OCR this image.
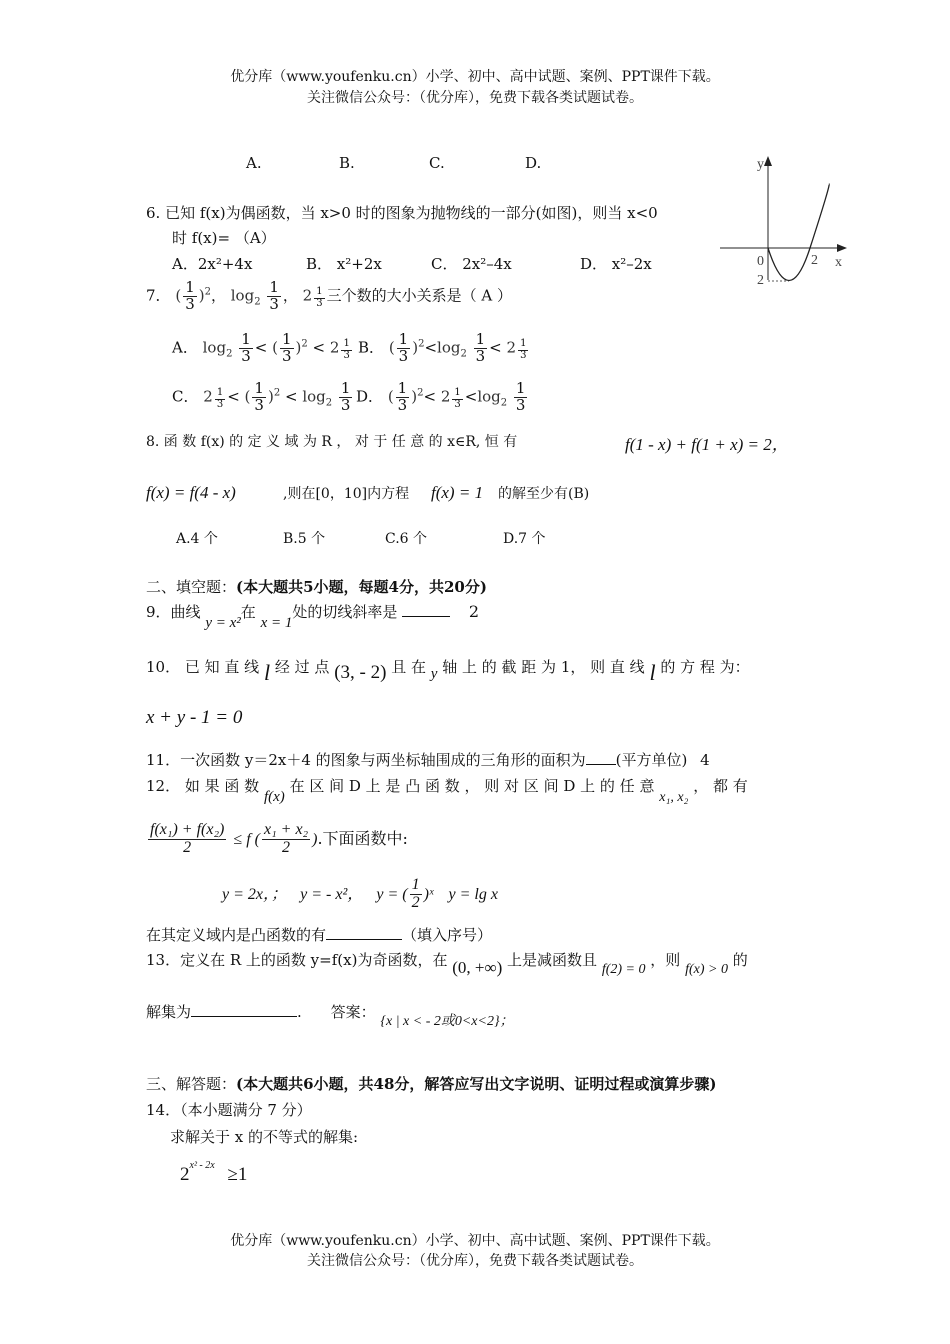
优分库（www.youfenku.cn）小学、初中、高中试题、案例、PPT课件下载。
关注微信公众号：（优分库），免费下载各类试题试卷。
A.	B.	C.	D.	y
x
0	2
2
6. 已知 f(x)为偶函数，当 x>0 时的图象为抛物线的一部分(如图)，则当 x<0
时 f(x)= （A）
A．2x²+4x	B． x²+2x	C． 2x²–4x	D． x²–2x
7． ( $\frac{1}{3} )^2$， $\log_2 \frac{1}{3}$ ， $2 \frac{1}{3}$ 三个数的大小关系是（ A ）
A． $\log_2 \frac{1}{3}$ < ( $\frac{1}{3} )^2 < 2 \frac{1}{3}$ B． ( $\frac{1}{3} )^2<\log_2 \frac{1}{3} < 2 \frac{1}{3}$
C． $2 \frac{1}{3}$ < ( $\frac{1}{3} )^2 < \log_2 \frac{1}{3}$ D． ( $\frac{1}{3} )^2< 2 \frac{1}{3} <\log_2 \frac{1}{3}$
8. 函 数 f(x) 的 定 义 域 为 R ， 对 于 任 意 的 x∈R, 恒 有	f(1 - x) + f(1 + x) = 2，
f(x) = f(4 - x)	,则在[0，10]内方程 f(x) = 1 的解至少有(B)
A.4 个	B.5 个	C.6 个	D.7 个
二、填空题：(本大题共5小题，每题4分，共20分)
9．曲线 y = x²在 x = 1处的切线斜率是	2
10． 已 知 直 线 l 经 过 点 (3, - 2) 且 在 y 轴 上 的 截 距 为 1， 则 直 线 l 的 方 程 为：
x + y - 1 = 0
11．一次函数 y＝2x＋4 的图象与两坐标轴围成的三角形的面积为 (平方单位) 4
12． 如 果 函 数 f(x) 在 区 间 D 上 是 凸 函 数 ， 则 对 区 间 D 上 的 任 意 x₁, x₂ ， 都 有
$\frac{\text{f(x₁) + f(x₂)}}{2} \le f$ ( $\frac{\text{x₁ + x₂}}{2}$ ).下面函数中:
y = 2x，； y = - x²， y = ( $\frac{1}{2}$ )ˣ y = lg x
在其定义域内是凸函数的有	（填入序号）
13．定义在 R 上的函数 y=f(x)为奇函数，在 (0, +∞) 上是减函数且 f(2) = 0 ，则 f(x) > 0 的
解集为	. 答案： {x | x < - 2或0<x<2}；
三、解答题：(本大题共6小题，共48分，解答应写出文字说明、证明过程或演算步骤)
14．（本小题满分 7 分）
求解关于 x 的不等式的解集:
$2^{x^2 - 2x} \ge 1$
优分库（www.youfenku.cn）小学、初中、高中试题、案例、PPT课件下载。
关注微信公众号：（优分库），免费下载各类试题试卷。
